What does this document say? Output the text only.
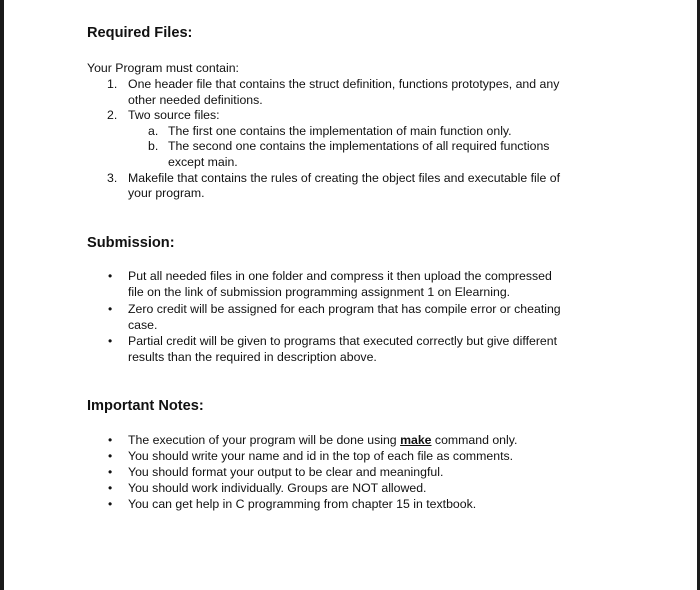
Required Files:

Your Program must contain:

1. One header file that contains the struct definition, functions prototypes, and any

other needed definitions.

2. Two source files:

a. The first one contains the implementation of main function only.

b. The second one contains the implementations of all required functions

except main.

3. Makefile that contains the rules of creating the object files and executable file of

your program.

Submission:
• Put all needed files in one folder and compress it then upload the compressed

file on the link of submission programming assignment 1 on Elearning.

• Zero credit will be assigned for each program that has compile error or cheating

case.

• Partial credit will be given to programs that executed correctly but give different

results than the required in description above.

Important Notes:
• The execution of your program will be done using make command only.

• You should write your name and id in the top of each file as comments.

• You should format your output to be clear and meaningful.

• You should work individually. Groups are NOT allowed.

• You can get help in C programming from chapter 15 in textbook.
